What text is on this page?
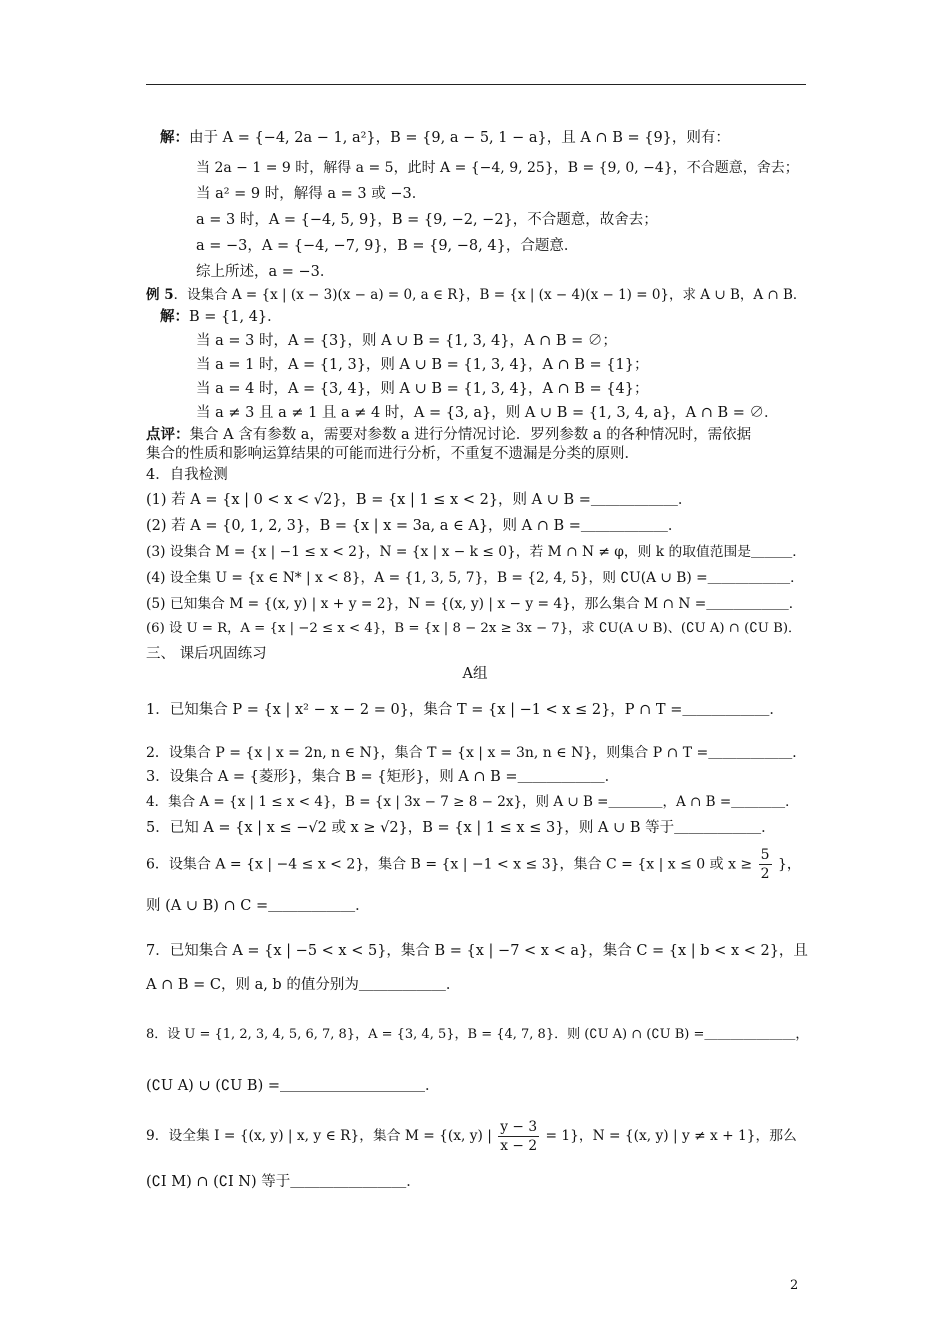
解：由于 A = {−4, 2a − 1, a²}，B = {9, a − 5, 1 − a}，且 A ∩ B = {9}，则有：
当 2a − 1 = 9 时，解得 a = 5，此时 A = {−4, 9, 25}，B = {9, 0, −4}，不合题意，舍去；
当 a² = 9 时，解得 a = 3 或 −3．
a = 3 时，A = {−4, 5, 9}，B = {9, −2, −2}，不合题意，故舍去；
a = −3，A = {−4, −7, 9}，B = {9, −8, 4}，合题意．
综上所述，a = −3．
例 5．设集合 A = {x | (x − 3)(x − a) = 0, a ∈ R}，B = {x | (x − 4)(x − 1) = 0}，求 A ∪ B，A ∩ B．
解：B = {1, 4}．
当 a = 3 时，A = {3}，则 A ∪ B = {1, 3, 4}，A ∩ B = ∅；
当 a = 1 时，A = {1, 3}，则 A ∪ B = {1, 3, 4}，A ∩ B = {1}；
当 a = 4 时，A = {3, 4}，则 A ∪ B = {1, 3, 4}，A ∩ B = {4}；
当 a ≠ 3 且 a ≠ 1 且 a ≠ 4 时，A = {3, a}，则 A ∪ B = {1, 3, 4, a}，A ∩ B = ∅．
点评：集合 A 含有参数 a，需要对参数 a 进行分情况讨论．罗列参数 a 的各种情况时，需依据
集合的性质和影响运算结果的可能而进行分析，不重复不遗漏是分类的原则．
4．自我检测
(1) 若 A = {x | 0 < x < √2}，B = {x | 1 ≤ x < 2}，则 A ∪ B =＿＿＿＿＿＿．
(2) 若 A = {0, 1, 2, 3}，B = {x | x = 3a, a ∈ A}，则 A ∩ B =＿＿＿＿＿＿．
(3) 设集合 M = {x | −1 ≤ x < 2}，N = {x | x − k ≤ 0}，若 M ∩ N ≠ φ，则 k 的取值范围是＿＿＿．
(4) 设全集 U = {x ∈ N* | x < 8}，A = {1, 3, 5, 7}，B = {2, 4, 5}，则 ∁U(A ∪ B) =＿＿＿＿＿＿．
(5) 已知集合 M = {(x, y) | x + y = 2}，N = {(x, y) | x − y = 4}，那么集合 M ∩ N =＿＿＿＿＿＿．
(6) 设 U = R，A = {x | −2 ≤ x < 4}，B = {x | 8 − 2x ≥ 3x − 7}，求 ∁U(A ∪ B)、(∁U A) ∩ (∁U B)．
三、 课后巩固练习
1．已知集合 P = {x | x² − x − 2 = 0}，集合 T = {x | −1 < x ≤ 2}，P ∩ T =＿＿＿＿＿＿．
2．设集合 P = {x | x = 2n, n ∈ N}，集合 T = {x | x = 3n, n ∈ N}，则集合 P ∩ T =＿＿＿＿＿＿．
3．设集合 A = {菱形}，集合 B = {矩形}，则 A ∩ B =＿＿＿＿＿＿．
4．集合 A = {x | 1 ≤ x < 4}，B = {x | 3x − 7 ≥ 8 − 2x}，则 A ∪ B =＿＿＿＿，A ∩ B =＿＿＿＿．
5．已知 A = {x | x ≤ −√2 或 x ≥ √2}，B = {x | 1 ≤ x ≤ 3}，则 A ∪ B 等于＿＿＿＿＿＿．
则 (A ∪ B) ∩ C =＿＿＿＿＿＿．
7．已知集合 A = {x | −5 < x < 5}，集合 B = {x | −7 < x < a}，集合 C = {x | b < x < 2}，且
A ∩ B = C，则 a, b 的值分别为＿＿＿＿＿＿．
8．设 U = {1, 2, 3, 4, 5, 6, 7, 8}，A = {3, 4, 5}，B = {4, 7, 8}．则 (∁U A) ∩ (∁U B) =＿＿＿＿＿＿＿，
(∁U A) ∪ (∁U B) =＿＿＿＿＿＿＿＿＿＿．
(∁I M) ∩ (∁I N) 等于＿＿＿＿＿＿＿＿．
A组
6．设集合 A = {x | −4 ≤ x < 2}，集合 B = {x | −1 < x ≤ 3}，集合 C = {x | x ≤ 0 或 $x \ge \frac{5}{2}$ }，
9．设全集 I = {(x, y) | x, y ∈ R}，集合 M = {(x, y) | $\frac{y - 3}{x - 2} = 1$}，N = {(x, y) | y ≠ x + 1}，那么
2
